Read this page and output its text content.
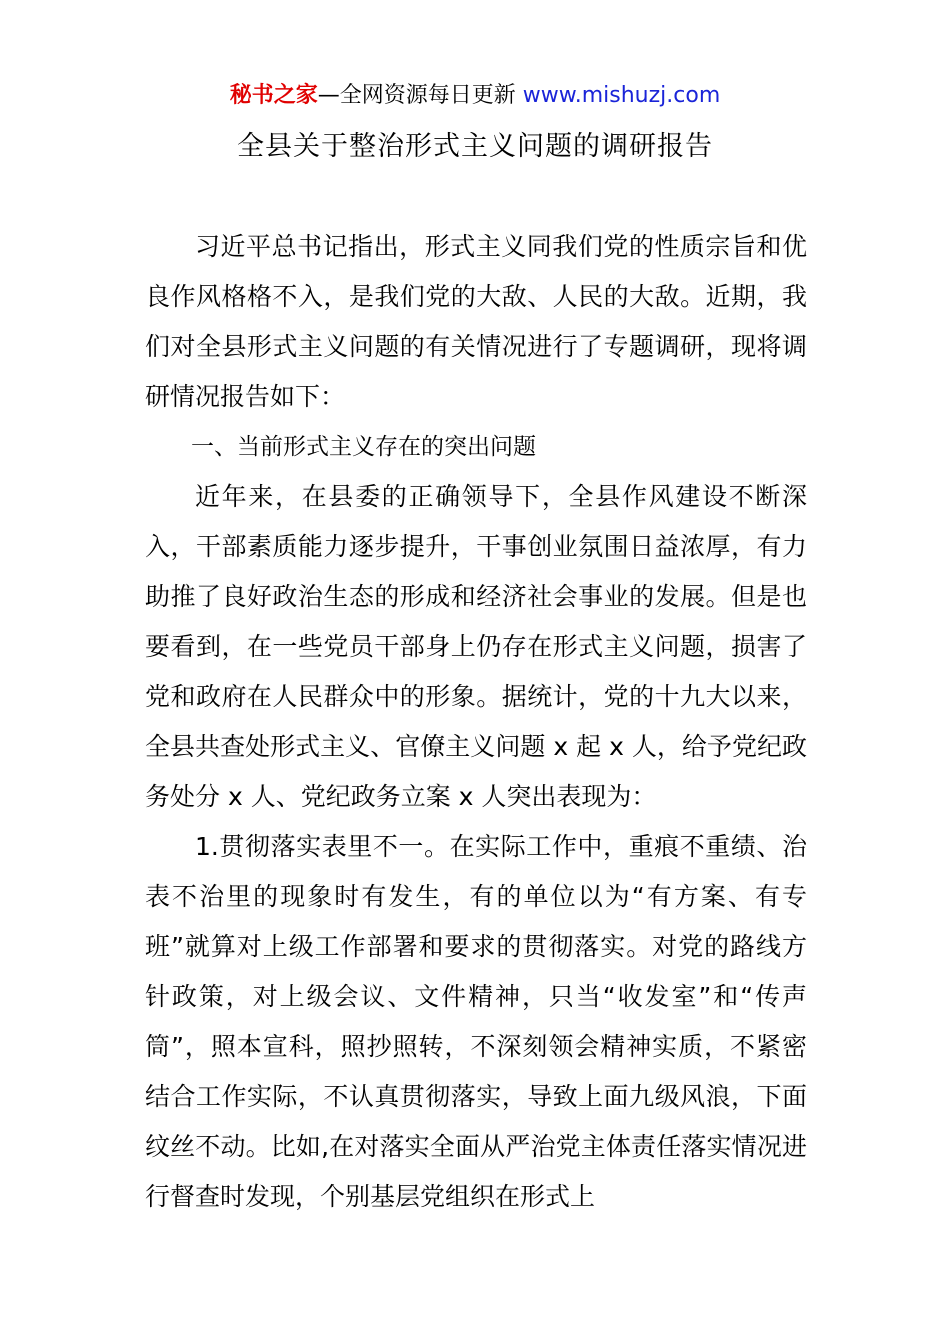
秘书之家—全网资源每日更新 www.mishuzj.com
全县关于整治形式主义问题的调研报告

习近平总书记指出，形式主义同我们党的性质宗旨和优良作风格格不入，是我们党的大敌、人民的大敌。近期，我们对全县形式主义问题的有关情况进行了专题调研，现将调研情况报告如下：

一、当前形式主义存在的突出问题

近年来，在县委的正确领导下，全县作风建设不断深入，干部素质能力逐步提升，干事创业氛围日益浓厚，有力助推了良好政治生态的形成和经济社会事业的发展。但是也要看到，在一些党员干部身上仍存在形式主义问题，损害了党和政府在人民群众中的形象。据统计，党的十九大以来，全县共查处形式主义、官僚主义问题 x 起 x 人，给予党纪政务处分 x 人、党纪政务立案 x 人突出表现为：

1.贯彻落实表里不一。在实际工作中，重痕不重绩、治表不治里的现象时有发生，有的单位以为“有方案、有专班”就算对上级工作部署和要求的贯彻落实。对党的路线方针政策，对上级会议、文件精神，只当“收发室”和“传声筒”，照本宣科，照抄照转，不深刻领会精神实质，不紧密结合工作实际，不认真贯彻落实，导致上面九级风浪，下面纹丝不动。比如,在对落实全面从严治党主体责任落实情况进行督查时发现，个别基层党组织在形式上
